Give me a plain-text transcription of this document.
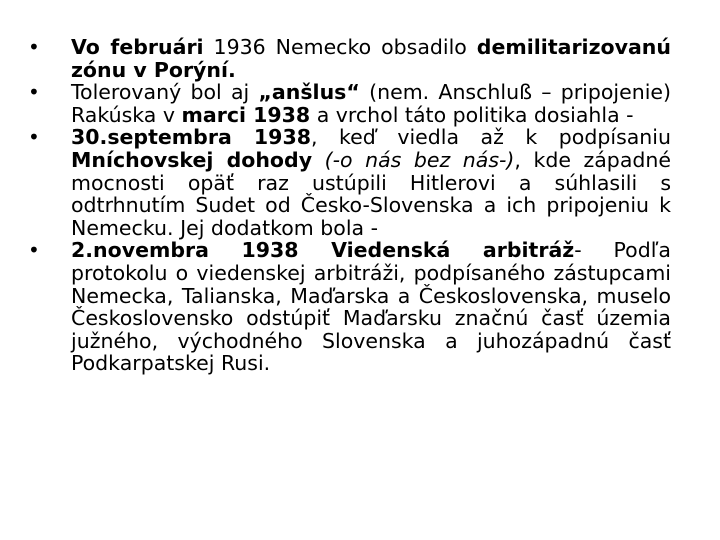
•	Vo februári 1936 Nemecko obsadilo demilitarizovanú zónu v Porýní.
•	Tolerovaný bol aj „anšlus“ (nem. Anschluß – pripojenie) Rakúska v marci 1938 a vrchol táto politika dosiahla -
•	30.septembra 1938, keď viedla až k podpísaniu Mníchovskej dohody (-o nás bez nás-), kde západné mocnosti opäť raz ustúpili Hitlerovi a súhlasili s odtrhnutím Sudet od Česko-Slovenska a ich pripojeniu k Nemecku. Jej dodatkom bola -
•	2.novembra 1938 Viedenská arbitráž- Podľa protokolu o viedenskej arbitráži, podpísaného zástupcami Nemecka, Talianska, Maďarska a Československa, muselo Československo odstúpiť Maďarsku značnú časť územia južného, východného Slovenska a juhozápadnú časť Podkarpatskej Rusi.
